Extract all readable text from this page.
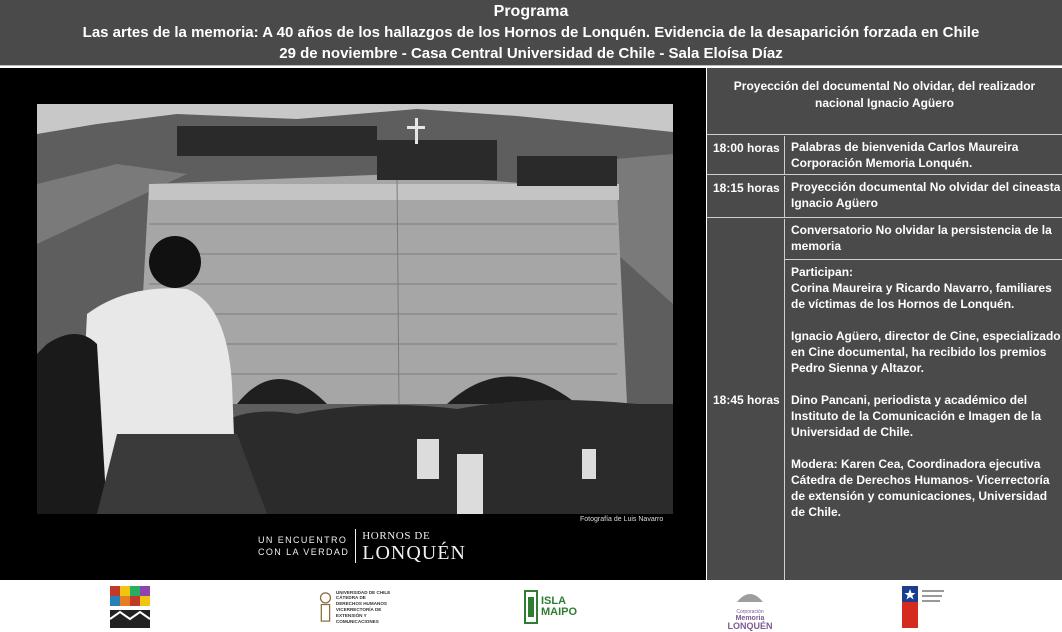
Programa
Las artes de la memoria: A 40 años de los hallazgos de los Hornos de Lonquén. Evidencia de la desaparición forzada en Chile
29 de noviembre - Casa Central Universidad de Chile - Sala Eloísa Díaz
Fotografía de Luis Navarro
UN ENCUENTRO
CON LA VERDAD
HORNOS DE
LONQUÉN
Proyección del documental No olvidar, del realizador nacional Ignacio Agüero
18:00 horas Palabras de bienvenida Carlos Maureira Corporación Memoria Lonquén.
18:15 horas Proyección documental No olvidar del cineasta Ignacio Agüero
18:45 horas
Conversatorio No olvidar la persistencia de la memoria
Participan:

Corina Maureira y Ricardo Navarro, familiares de víctimas de los Hornos de Lonquén.

Ignacio Agüero, director de Cine, especializado en Cine documental, ha recibido los premios Pedro Sienna y Altazor.

Dino Pancani, periodista y académico del Instituto de la Comunicación e Imagen de la Universidad de Chile.

Modera: Karen Cea, Coordinadora ejecutiva Cátedra de Derechos Humanos- Vicerrectoría de extensión y comunicaciones, Universidad de Chile.

UNIVERSIDAD DE CHILE
CÁTEDRA DE
DERECHOS HUMANOS
VICERRECTORÍA DE
EXTENSIÓN Y COMUNICACIONES
ISLA MAIPO	Corporación
Memoria
LONQUÉN
